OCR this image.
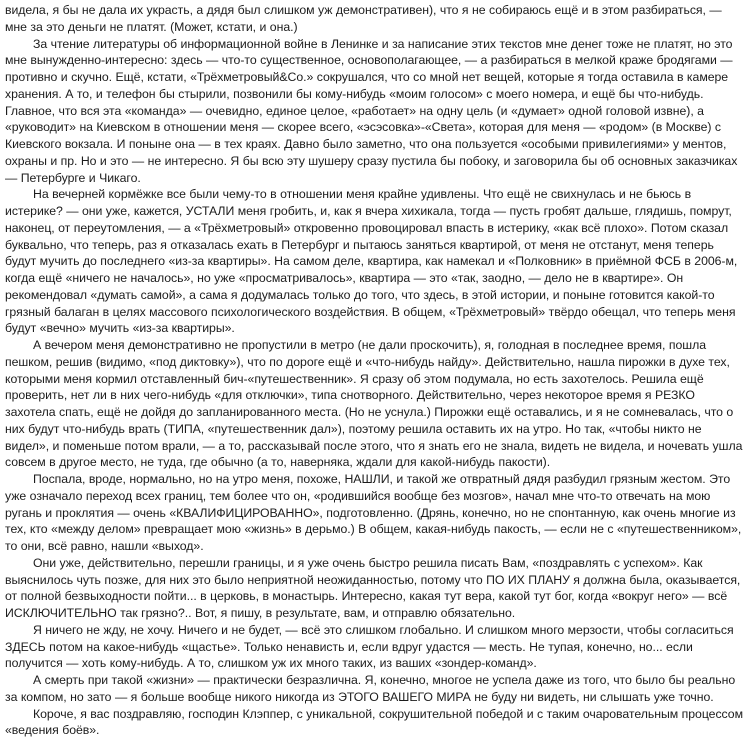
видела, я бы не дала их украсть, а дядя был слишком уж демонстративен), что я не собираюсь ещё и в этом разбираться, — мне за это деньги не платят. (Может, кстати, и она.)

За чтение литературы об информационной войне в Ленинке и за написание этих текстов мне денег тоже не платят, но это мне вынужденно-интересно: здесь — что-то существенное, основополагающее, — а разбираться в мелкой краже бродягами — противно и скучно. Ещё, кстати, «Трёхметровый&Co.» сокрушался, что со мной нет вещей, которые я тогда оставила в камере хранения. А то, и телефон бы стырили, позвонили бы кому-нибудь «моим голосом» с моего номера, и ещё бы что-нибудь. Главное, что вся эта «команда» — очевидно, единое целое, «работает» на одну цель (и «думает» одной головой извне), а «руководит» на Киевском в отношении меня — скорее всего, «эсэсовка»-«Света», которая для меня — «родом» (в Москве) с Киевского вокзала. И поныне она — в тех краях. Давно было заметно, что она пользуется «особыми привилегиями» у ментов, охраны и пр. Но и это — не интересно. Я бы всю эту шушеру сразу пустила бы побоку, и заговорила бы об основных заказчиках — Петербурге и Чикаго.

На вечерней кормёжке все были чему-то в отношении меня крайне удивлены. Что ещё не свихнулась и не бьюсь в истерике? — они уже, кажется, УСТАЛИ меня гробить, и, как я вчера хихикала, тогда — пусть гробят дальше, глядишь, помрут, наконец, от переутомления, — а «Трёхметровый» откровенно провоцировал впасть в истерику, «как всё плохо». Потом сказал буквально, что теперь, раз я отказалась ехать в Петербург и пытаюсь заняться квартирой, от меня не отстанут, меня теперь будут мучить до последнего «из-за квартиры». На самом деле, квартира, как намекал и «Полковник» в приёмной ФСБ в 2006-м, когда ещё «ничего не началось», но уже «просматривалось», квартира — это «так, заодно, — дело не в квартире». Он рекомендовал «думать самой», а сама я додумалась только до того, что здесь, в этой истории, и поныне готовится какой-то грязный балаган в целях массового психологического воздействия. В общем, «Трёхметровый» твёрдо обещал, что теперь меня будут «вечно» мучить «из-за квартиры».

А вечером меня демонстративно не пропустили в метро (не дали проскочить), я, голодная в последнее время, пошла пешком, решив (видимо, «под диктовку»), что по дороге ещё и «что-нибудь найду». Действительно, нашла пирожки в духе тех, которыми меня кормил отставленный бич-«путешественник». Я сразу об этом подумала, но есть захотелось. Решила ещё проверить, нет ли в них чего-нибудь «для отключки», типа снотворного. Действительно, через некоторое время я РЕЗКО захотела спать, ещё не дойдя до запланированного места. (Но не уснула.) Пирожки ещё оставались, и я не сомневалась, что о них будут что-нибудь врать (ТИПА, «путешественник дал»), поэтому решила оставить их на утро. Но так, «чтобы никто не видел», и поменьше потом врали, — а то, рассказывай после этого, что я знать его не знала, видеть не видела, и ночевать ушла совсем в другое место, не туда, где обычно (а то, наверняка, ждали для какой-нибудь пакости).

Поспала, вроде, нормально, но на утро меня, похоже, НАШЛИ, и такой же отвратный дядя разбудил грязным жестом. Это уже означало переход всех границ, тем более что он, «родившийся вообще без мозгов», начал мне что-то отвечать на мою ругань и проклятия — очень «КВАЛИФИЦИРОВАННО», подготовленно. (Дрянь, конечно, но не спонтанную, как очень многие из тех, кто «между делом» превращает мою «жизнь» в дерьмо.) В общем, какая-нибудь пакость, — если не с «путешественником», то они, всё равно, нашли «выход».

Они уже, действительно, перешли границы, и я уже очень быстро решила писать Вам, «поздравлять с успехом». Как выяснилось чуть позже, для них это было неприятной неожиданностью, потому что ПО ИХ ПЛАНУ я должна была, оказывается, от полной безвыходности пойти... в церковь, в монастырь. Интересно, какая тут вера, какой тут бог, когда «вокруг него» — всё ИСКЛЮЧИТЕЛЬНО так грязно?.. Вот, я пишу, в результате, вам, и отправлю обязательно.

Я ничего не жду, не хочу. Ничего и не будет, — всё это слишком глобально. И слишком много мерзости, чтобы согласиться ЗДЕСЬ потом на какое-нибудь «щастье». Только ненависть и, если вдруг удастся — месть. Не тупая, конечно, но... если получится — хоть кому-нибудь. А то, слишком уж их много таких, из ваших «зондер-команд».

А смерть при такой «жизни» — практически безразлична. Я, конечно, многое не успела даже из того, что было бы реально за компом, но зато — я больше вообще никого никогда из ЭТОГО ВАШЕГО МИРА не буду ни видеть, ни слышать уже точно.

Короче, я вас поздравляю, господин Клэппер, с уникальной, сокрушительной победой и с таким очаровательным процессом «ведения боёв».
